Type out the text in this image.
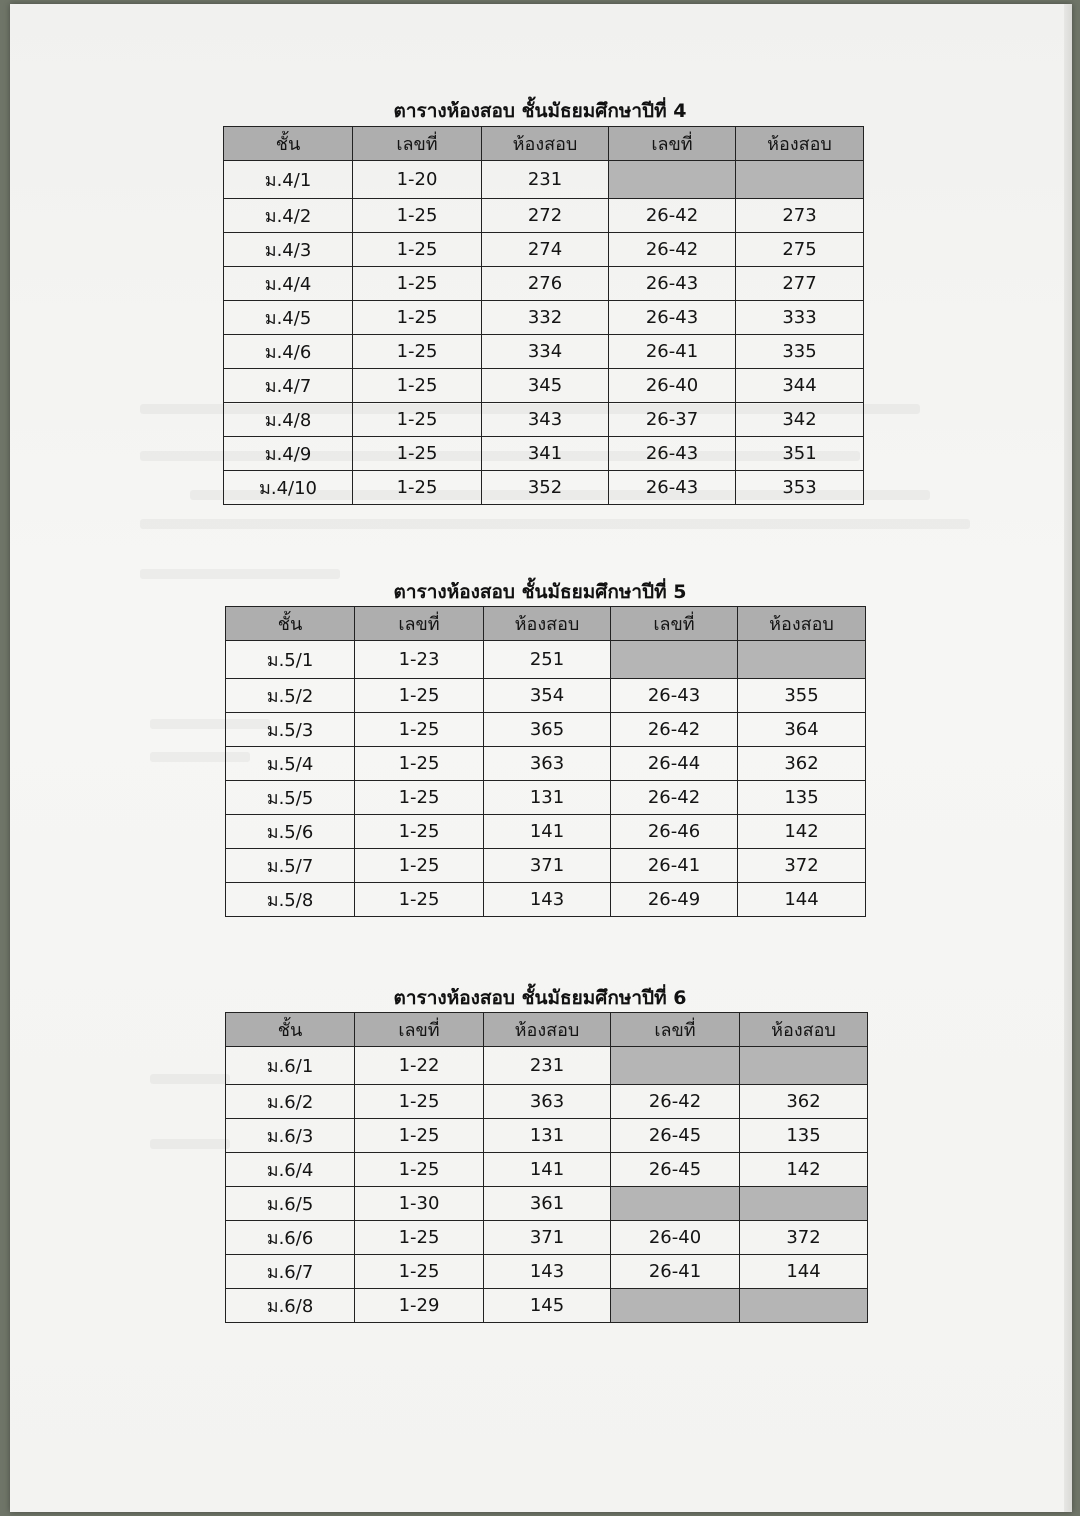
ตารางห้องสอบ ชั้นมัธยมศึกษาปีที่ 4
ชั้น	เลขที่	ห้องสอบ	เลขที่	ห้องสอบ
ม.4/1	1-20	231		
ม.4/2	1-25	272	26-42	273
ม.4/3	1-25	274	26-42	275
ม.4/4	1-25	276	26-43	277
ม.4/5	1-25	332	26-43	333
ม.4/6	1-25	334	26-41	335
ม.4/7	1-25	345	26-40	344
ม.4/8	1-25	343	26-37	342
ม.4/9	1-25	341	26-43	351
ม.4/10	1-25	352	26-43	353
ตารางห้องสอบ ชั้นมัธยมศึกษาปีที่ 5
ชั้น	เลขที่	ห้องสอบ	เลขที่	ห้องสอบ
ม.5/1	1-23	251		
ม.5/2	1-25	354	26-43	355
ม.5/3	1-25	365	26-42	364
ม.5/4	1-25	363	26-44	362
ม.5/5	1-25	131	26-42	135
ม.5/6	1-25	141	26-46	142
ม.5/7	1-25	371	26-41	372
ม.5/8	1-25	143	26-49	144
ตารางห้องสอบ ชั้นมัธยมศึกษาปีที่ 6
ชั้น	เลขที่	ห้องสอบ	เลขที่	ห้องสอบ
ม.6/1	1-22	231		
ม.6/2	1-25	363	26-42	362
ม.6/3	1-25	131	26-45	135
ม.6/4	1-25	141	26-45	142
ม.6/5	1-30	361		
ม.6/6	1-25	371	26-40	372
ม.6/7	1-25	143	26-41	144
ม.6/8	1-29	145		
